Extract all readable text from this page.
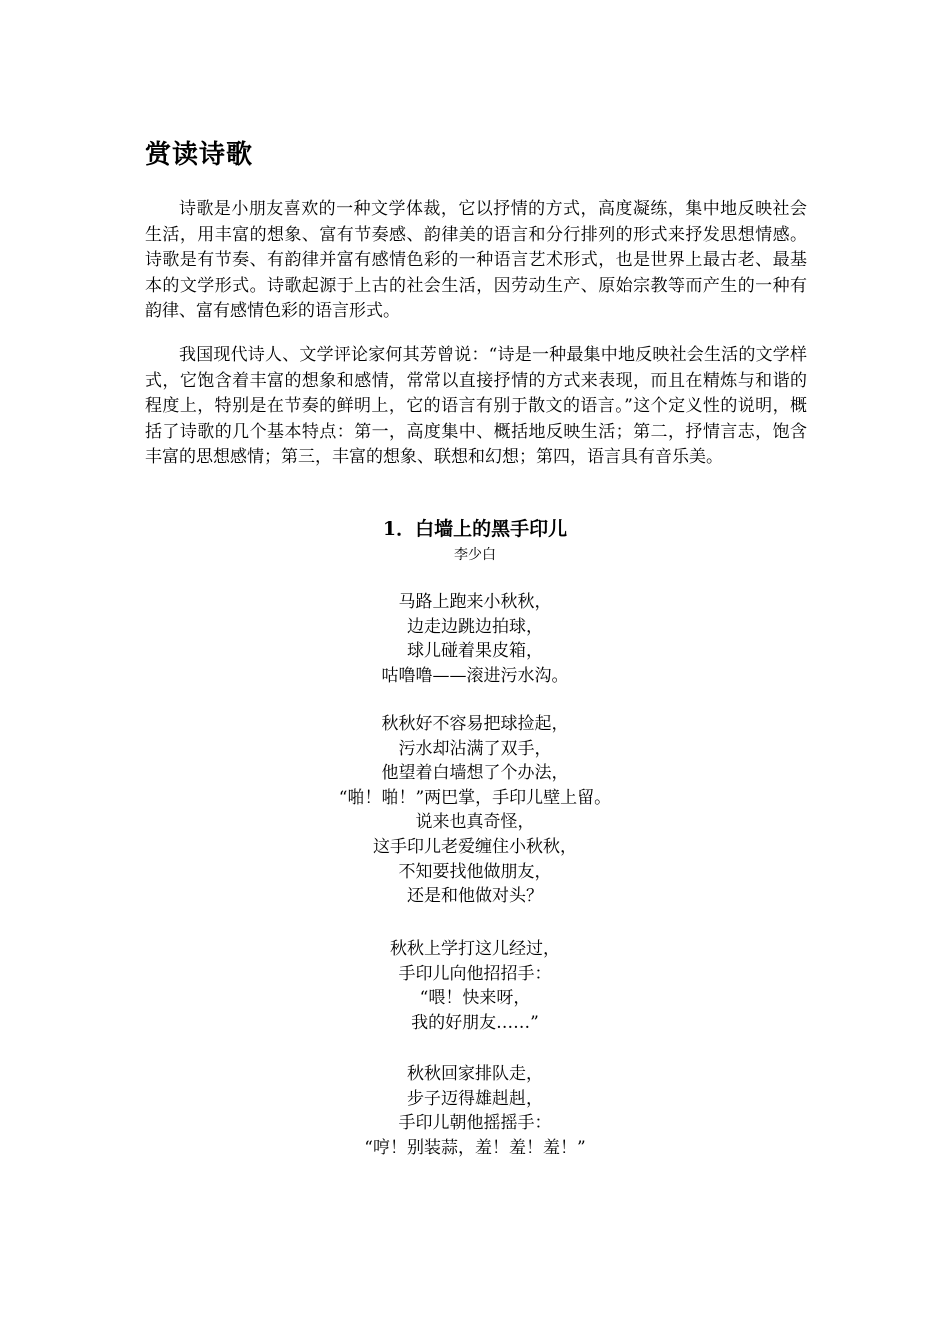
赏读诗歌

诗歌是小朋友喜欢的一种文学体裁，它以抒情的方式，高度凝练，集中地反映社会生活，用丰富的想象、富有节奏感、韵律美的语言和分行排列的形式来抒发思想情感。诗歌是有节奏、有韵律并富有感情色彩的一种语言艺术形式，也是世界上最古老、最基本的文学形式。诗歌起源于上古的社会生活，因劳动生产、原始宗教等而产生的一种有韵律、富有感情色彩的语言形式。

我国现代诗人、文学评论家何其芳曾说：“诗是一种最集中地反映社会生活的文学样式，它饱含着丰富的想象和感情，常常以直接抒情的方式来表现，而且在精炼与和谐的程度上，特别是在节奏的鲜明上，它的语言有别于散文的语言。”这个定义性的说明，概括了诗歌的几个基本特点：第一，高度集中、概括地反映生活；第二，抒情言志，饱含丰富的思想感情；第三，丰富的想象、联想和幻想；第四，语言具有音乐美。

1．白墙上的黑手印儿
李少白
马路上跑来小秋秋，
边走边跳边拍球，
球儿碰着果皮箱，
咕噜噜——滚进污水沟。
秋秋好不容易把球捡起，
污水却沾满了双手，
他望着白墙想了个办法，
“啪！啪！”两巴掌，手印儿壁上留。
说来也真奇怪，
这手印儿老爱缠住小秋秋，
不知要找他做朋友，
还是和他做对头？
秋秋上学打这儿经过，
手印儿向他招招手：
“喂！快来呀，
我的好朋友……”
秋秋回家排队走，
步子迈得雄赳赳，
手印儿朝他摇摇手：
“哼！别装蒜，羞！羞！羞！”
